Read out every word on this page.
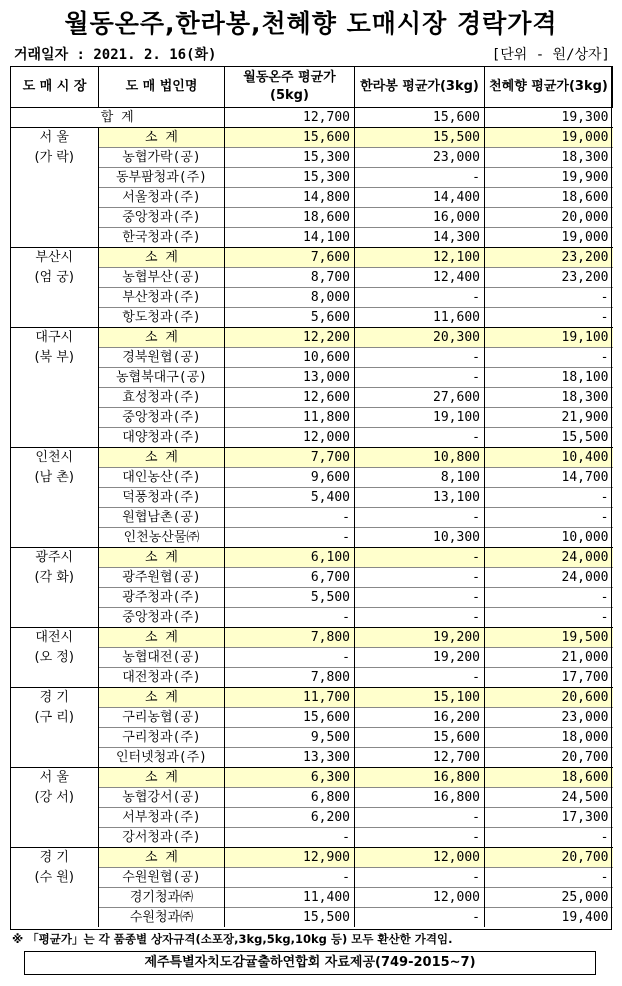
월동온주,한라봉,천혜향 도매시장 경락가격
거래일자 : 2021. 2. 16(화)	[단위 - 원/상자]
도 매 시 장	도 매 법인명	월동온주 평균가(5kg)	한라봉 평균가(3kg)	천혜향 평균가(3kg)
합 계		12,700	15,600	19,300

서 울
(가 락)	소 계	15,600	15,500	19,000
	농협가락(공)	15,300	23,000	18,300
	동부팜청과(주)	15,300	-	19,900
	서울청과(주)	14,800	14,400	18,600
	중앙청과(주)	18,600	16,000	20,000
	한국청과(주)	14,100	14,300	19,000

부산시
(엄 궁)	소 계	7,600	12,100	23,200
	농협부산(공)	8,700	12,400	23,200
	부산청과(주)	8,000	-	-
	항도청과(주)	5,600	11,600	-

대구시
(북 부)	소 계	12,200	20,300	19,100
	경북원협(공)	10,600	-	-
	농협북대구(공)	13,000	-	18,100
	효성청과(주)	12,600	27,600	18,300
	중앙청과(주)	11,800	19,100	21,900
	대양청과(주)	12,000	-	15,500

인천시
(남 촌)	소 계	7,700	10,800	10,400
	대인농산(주)	9,600	8,100	14,700
	덕풍청과(주)	5,400	13,100	-
	원협남촌(공)	-	-	-
	인천농산물㈜	-	10,300	10,000

광주시
(각 화)	소 계	6,100	-	24,000
	광주원협(공)	6,700	-	24,000
	광주청과(주)	5,500	-	-
	중앙청과(주)	-	-	-

대전시
(오 정)	소 계	7,800	19,200	19,500
	농협대전(공)	-	19,200	21,000
	대전청과(주)	7,800	-	17,700

경 기
(구 리)	소 계	11,700	15,100	20,600
	구리농협(공)	15,600	16,200	23,000
	구리청과(주)	9,500	15,600	18,000
	인터넷청과(주)	13,300	12,700	20,700

서 울
(강 서)	소 계	6,300	16,800	18,600
	농협강서(공)	6,800	16,800	24,500
	서부청과(주)	6,200	-	17,300
	강서청과(주)	-	-	-

경 기
(수 원)	소 계	12,900	12,000	20,700
	수원원협(공)	-	-	-
	경기청과㈜	11,400	12,000	25,000
	수원청과㈜	15,500	-	19,400
※ 「평균가」는 각 품종별 상자규격(소포장,3kg,5kg,10kg 등) 모두 환산한 가격임.
제주특별자치도감귤출하연합회 자료제공(749-2015~7)
